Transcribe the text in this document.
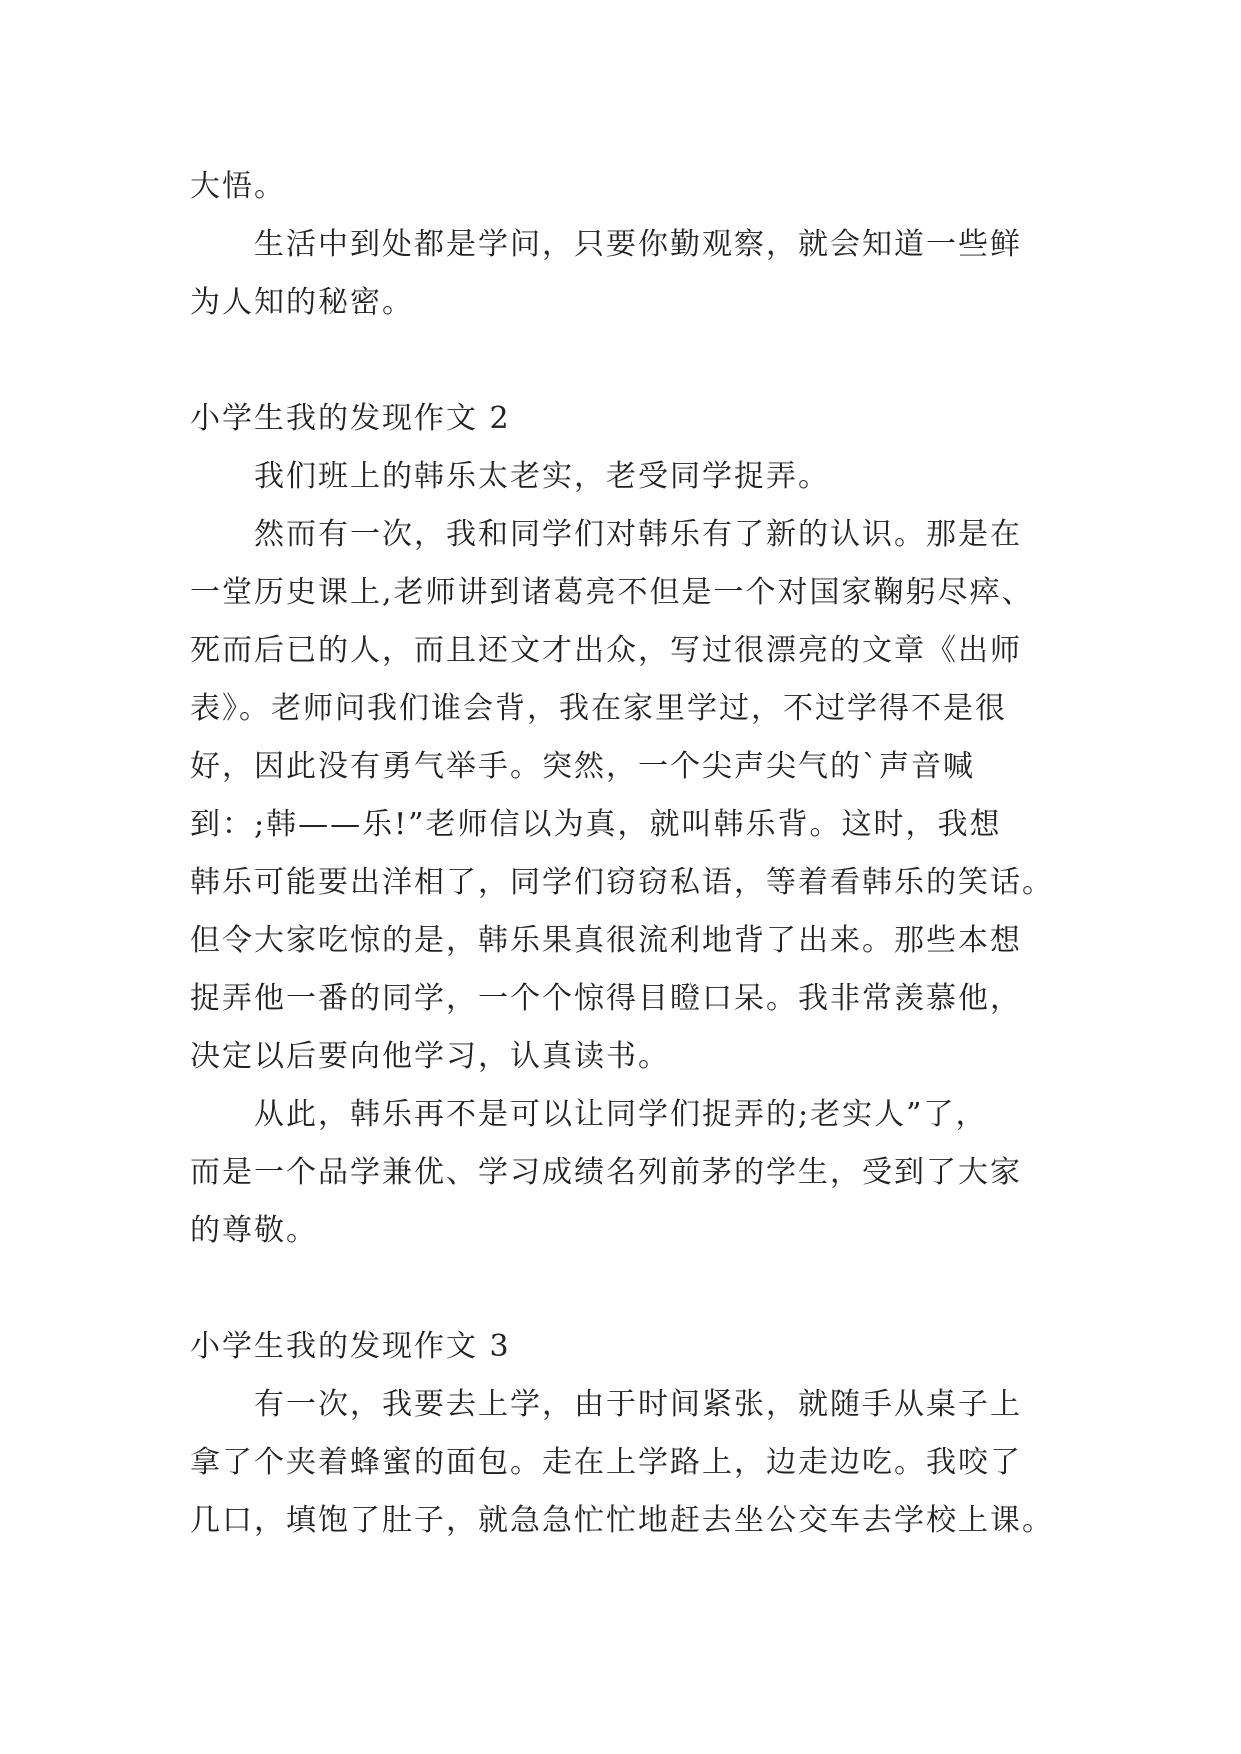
大悟。
生活中到处都是学问，只要你勤观察，就会知道一些鲜
为人知的秘密。
小学生我的发现作文 2
我们班上的韩乐太老实，老受同学捉弄。
然而有一次，我和同学们对韩乐有了新的认识。那是在
一堂历史课上,老师讲到诸葛亮不但是一个对国家鞠躬尽瘁、
死而后已的人，而且还文才出众，写过很漂亮的文章《出师
表》。老师问我们谁会背，我在家里学过，不过学得不是很
好，因此没有勇气举手。突然，一个尖声尖气的`声音喊
到：;韩——乐!”老师信以为真，就叫韩乐背。这时，我想
韩乐可能要出洋相了，同学们窃窃私语，等着看韩乐的笑话。
但令大家吃惊的是，韩乐果真很流利地背了出来。那些本想
捉弄他一番的同学，一个个惊得目瞪口呆。我非常羡慕他，
决定以后要向他学习，认真读书。
从此，韩乐再不是可以让同学们捉弄的;老实人”了，
而是一个品学兼优、学习成绩名列前茅的学生，受到了大家
的尊敬。
小学生我的发现作文 3
有一次，我要去上学，由于时间紧张，就随手从桌子上
拿了个夹着蜂蜜的面包。走在上学路上，边走边吃。我咬了
几口，填饱了肚子，就急急忙忙地赶去坐公交车去学校上课。
